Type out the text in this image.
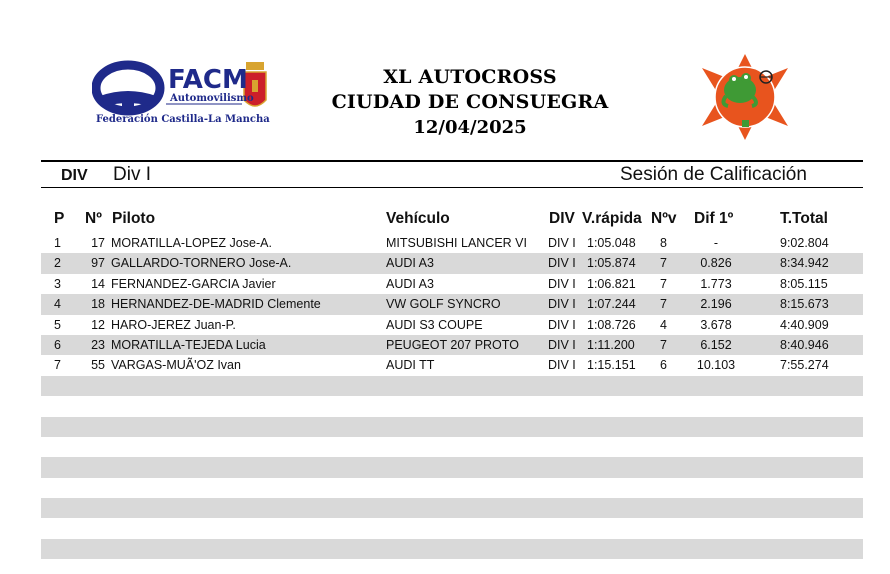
FACM
Automovilismo
Federación Castilla-La Mancha
XL AUTOCROSS
CIUDAD DE CONSUEGRA
12/04/2025
DIV Div I	Sesión de Calificación
P Nº Piloto	Vehículo	DIV V.rápida Nºv Dif 1º	T.Total
1	17 MORATILLA-LOPEZ Jose-A.	MITSUBISHI LANCER VI	DIV I 1:05.048 8	-	9:02.804
2	97 GALLARDO-TORNERO Jose-A.	AUDI A3	DIV I 1:05.874 7	0.826	8:34.942
3	14 FERNANDEZ-GARCIA Javier	AUDI A3	DIV I 1:06.821 7	1.773	8:05.115
4	18 HERNANDEZ-DE-MADRID Clemente	VW GOLF SYNCRO	DIV I 1:07.244 7	2.196	8:15.673
5	12 HARO-JEREZ Juan-P.	AUDI S3 COUPE	DIV I 1:08.726 4	3.678	4:40.909
6	23 MORATILLA-TEJEDA Lucia	PEUGEOT 207 PROTO	DIV I 1:11.200 7	6.152	8:40.946
7	55 VARGAS-MUÃ'OZ Ivan	AUDI TT	DIV I 1:15.151 6	10.103	7:55.274
